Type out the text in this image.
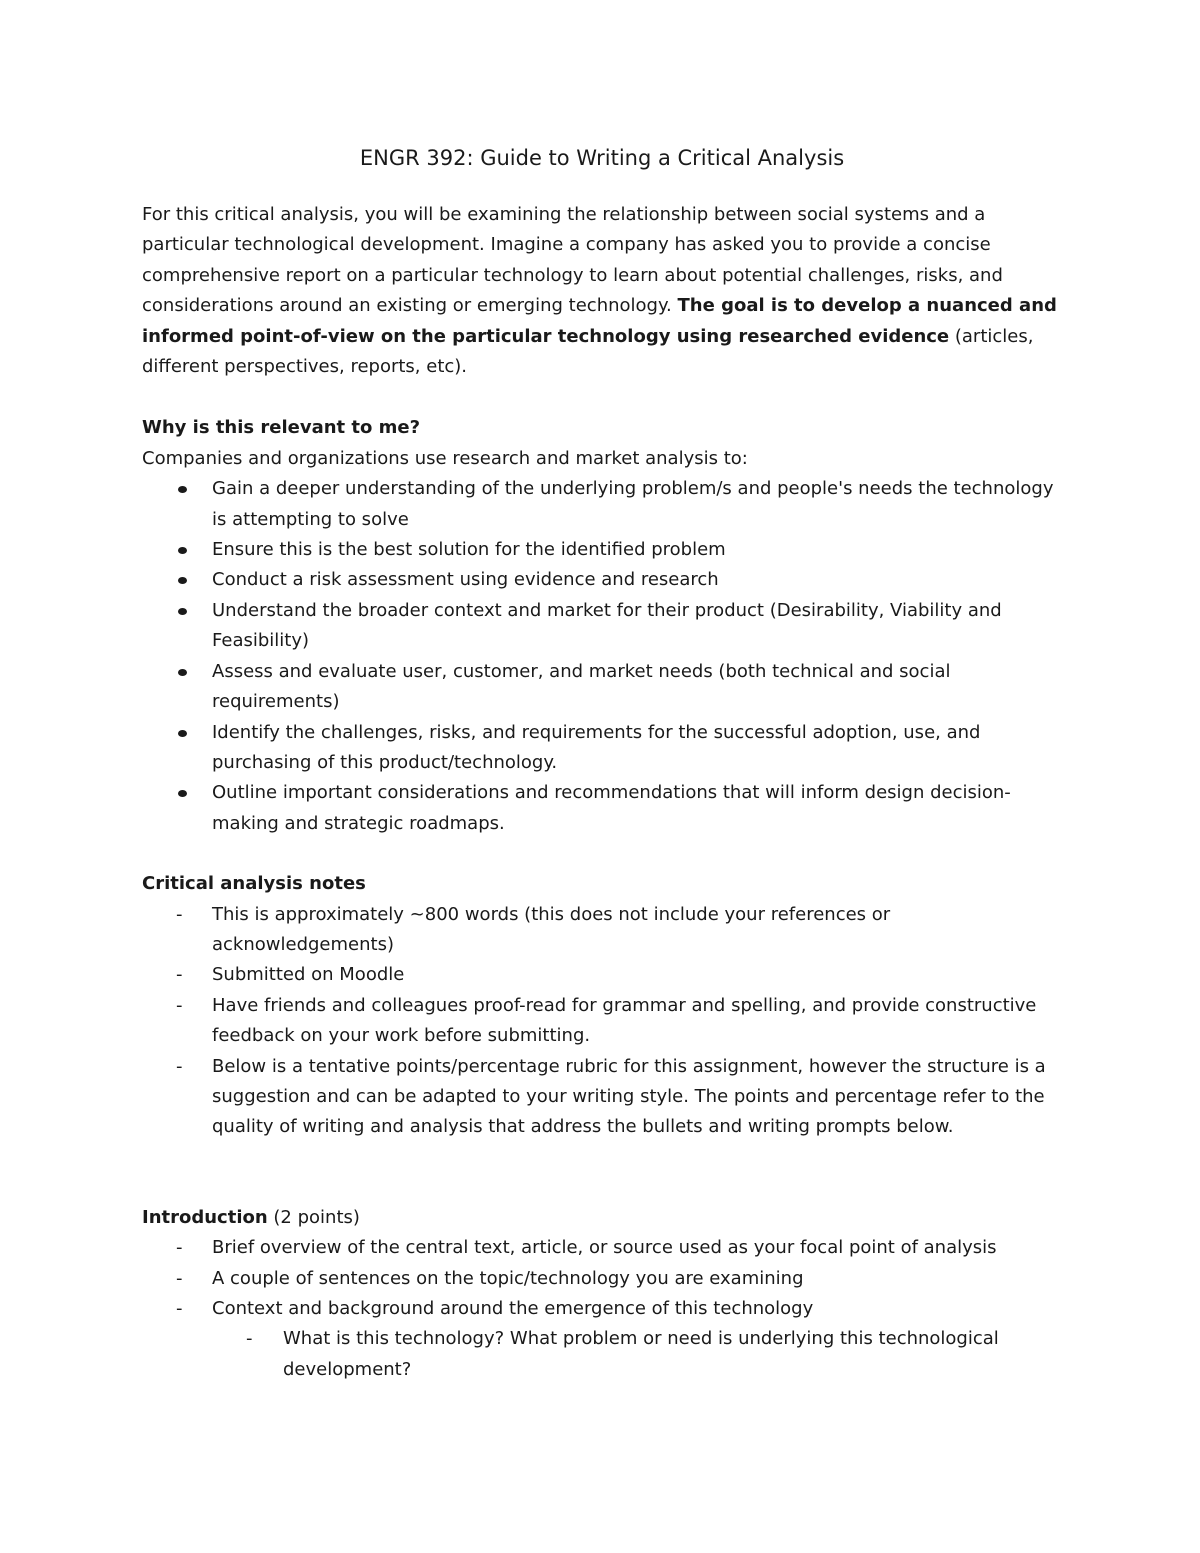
ENGR 392: Guide to Writing a Critical Analysis

For this critical analysis, you will be examining the relationship between social systems and a particular technological development. Imagine a company has asked you to provide a concise comprehensive report on a particular technology to learn about potential challenges, risks, and considerations around an existing or emerging technology. The goal is to develop a nuanced and informed point-of-view on the particular technology using researched evidence (articles, different perspectives, reports, etc).

Why is this relevant to me?

Companies and organizations use research and market analysis to:

Gain a deeper understanding of the underlying problem/s and people's needs the technology is attempting to solve
Ensure this is the best solution for the identified problem
Conduct a risk assessment using evidence and research
Understand the broader context and market for their product (Desirability, Viability and Feasibility)
Assess and evaluate user, customer, and market needs (both technical and social requirements)
Identify the challenges, risks, and requirements for the successful adoption, use, and purchasing of this product/technology.
Outline important considerations and recommendations that will inform design decision-making and strategic roadmaps.

Critical analysis notes

- This is approximately ~800 words (this does not include your references or acknowledgements)
- Submitted on Moodle
- Have friends and colleagues proof-read for grammar and spelling, and provide constructive feedback on your work before submitting.
- Below is a tentative points/percentage rubric for this assignment, however the structure is a suggestion and can be adapted to your writing style. The points and percentage refer to the quality of writing and analysis that address the bullets and writing prompts below.

Introduction (2 points)

- Brief overview of the central text, article, or source used as your focal point of analysis
- A couple of sentences on the topic/technology you are examining
- Context and background around the emergence of this technology
- What is this technology? What problem or need is underlying this technological development?
